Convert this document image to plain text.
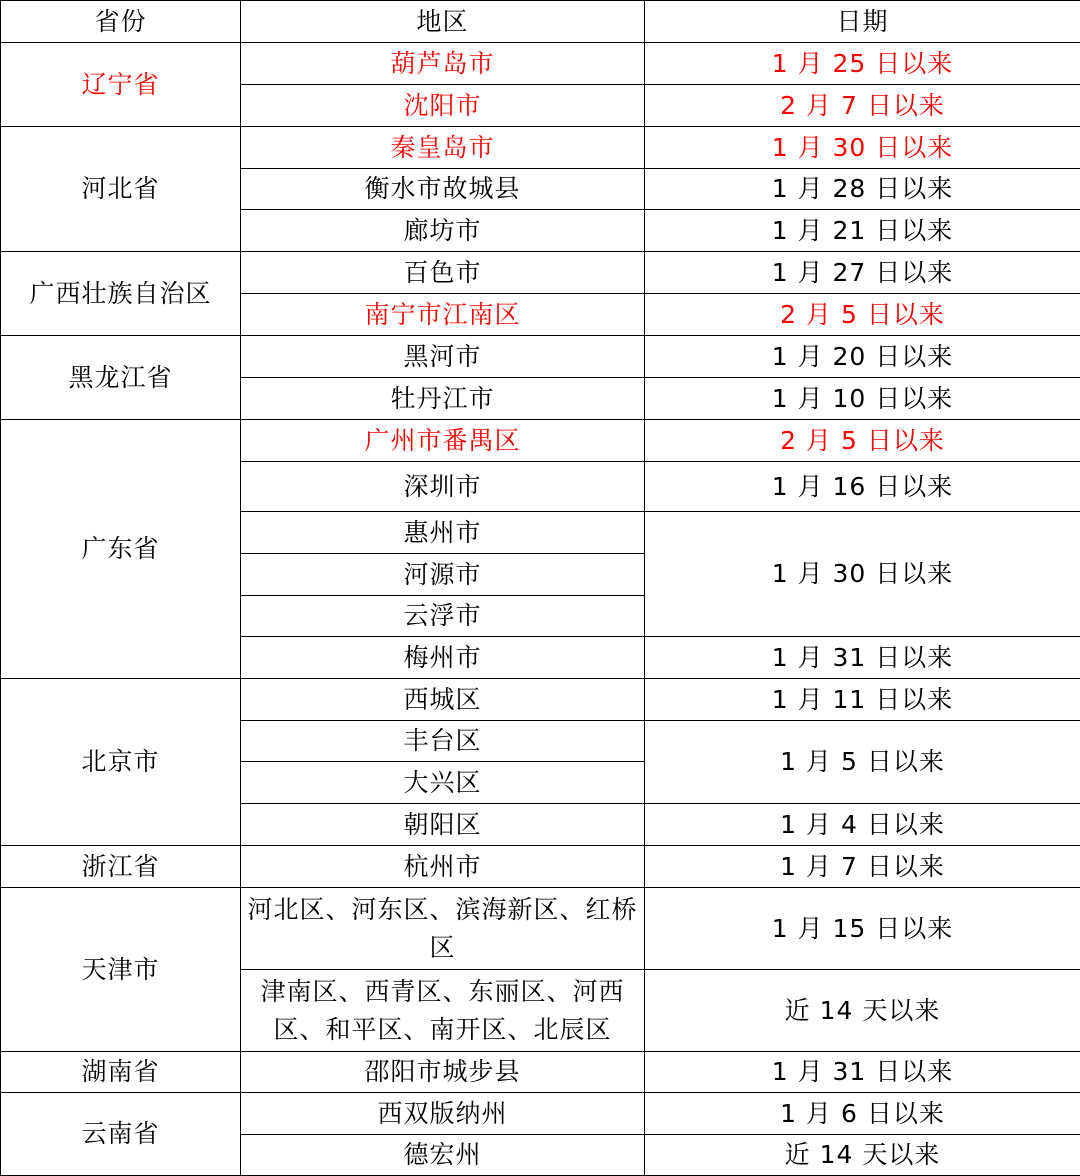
省份	地区	日期
辽宁省	葫芦岛市	1 月 25 日以来
	沈阳市	2 月 7 日以来
河北省	秦皇岛市	1 月 30 日以来
	衡水市故城县	1 月 28 日以来
	廊坊市	1 月 21 日以来
广西壮族自治区	百色市	1 月 27 日以来
	南宁市江南区	2 月 5 日以来
黑龙江省	黑河市	1 月 20 日以来
	牡丹江市	1 月 10 日以来
广东省	广州市番禺区	2 月 5 日以来
	深圳市	1 月 16 日以来
	惠州市	1 月 30 日以来
	河源市	
	云浮市	
	梅州市	1 月 31 日以来
北京市	西城区	1 月 11 日以来
	丰台区	1 月 5 日以来
	大兴区	
	朝阳区	1 月 4 日以来
浙江省	杭州市	1 月 7 日以来
天津市	河北区、河东区、滨海新区、红桥区	1 月 15 日以来
	津南区、西青区、东丽区、河西区、和平区、南开区、北辰区	近 14 天以来
湖南省	邵阳市城步县	1 月 31 日以来
云南省	西双版纳州	1 月 6 日以来
	德宏州	近 14 天以来
